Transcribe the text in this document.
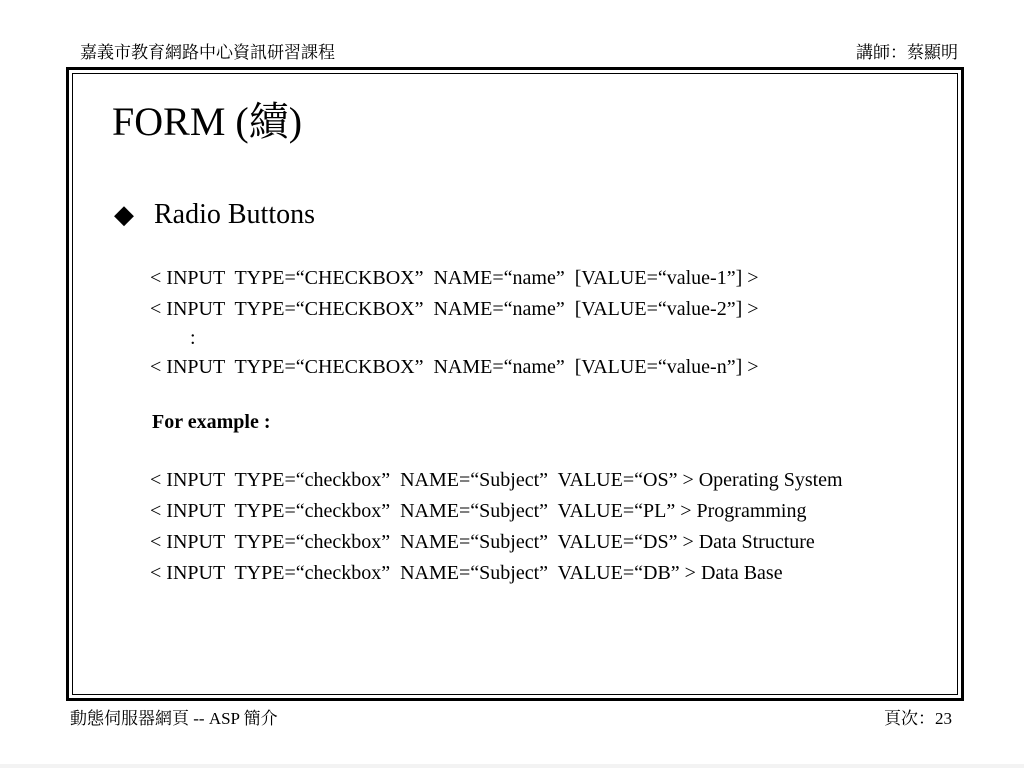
嘉義市教育網路中心資訊研習課程	講師：蔡顯明
FORM (續)
◆ Radio Buttons
< INPUT  TYPE=“CHECKBOX”  NAME=“name”  [VALUE=“value-1”] >
< INPUT  TYPE=“CHECKBOX”  NAME=“name”  [VALUE=“value-2”] >
:
< INPUT  TYPE=“CHECKBOX”  NAME=“name”  [VALUE=“value-n”] >
For example :
< INPUT  TYPE=“checkbox”  NAME=“Subject”  VALUE=“OS” > Operating System
< INPUT  TYPE=“checkbox”  NAME=“Subject”  VALUE=“PL” > Programming
< INPUT  TYPE=“checkbox”  NAME=“Subject”  VALUE=“DS” > Data Structure
< INPUT  TYPE=“checkbox”  NAME=“Subject”  VALUE=“DB” > Data Base
動態伺服器網頁 -- ASP 簡介	頁次：23
